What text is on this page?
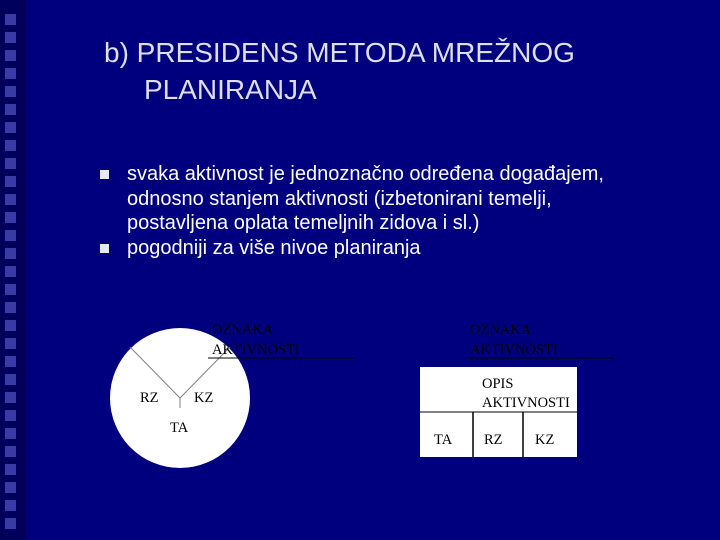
b) PRESIDENS METODA MREŽNOG
PLANIRANJA
svaka aktivnost je jednoznačno određena događajem,
odnosno stanjem aktivnosti (izbetonirani temelji,
postavljena oplata temeljnih zidova i sl.)
pogodniji za više nivoe planiranja
OZNAKA
AKTIVNOSTI
RZ KZ
TA
OZNAKA
AKTIVNOSTI
OPIS
AKTIVNOSTI
TA RZ KZ
